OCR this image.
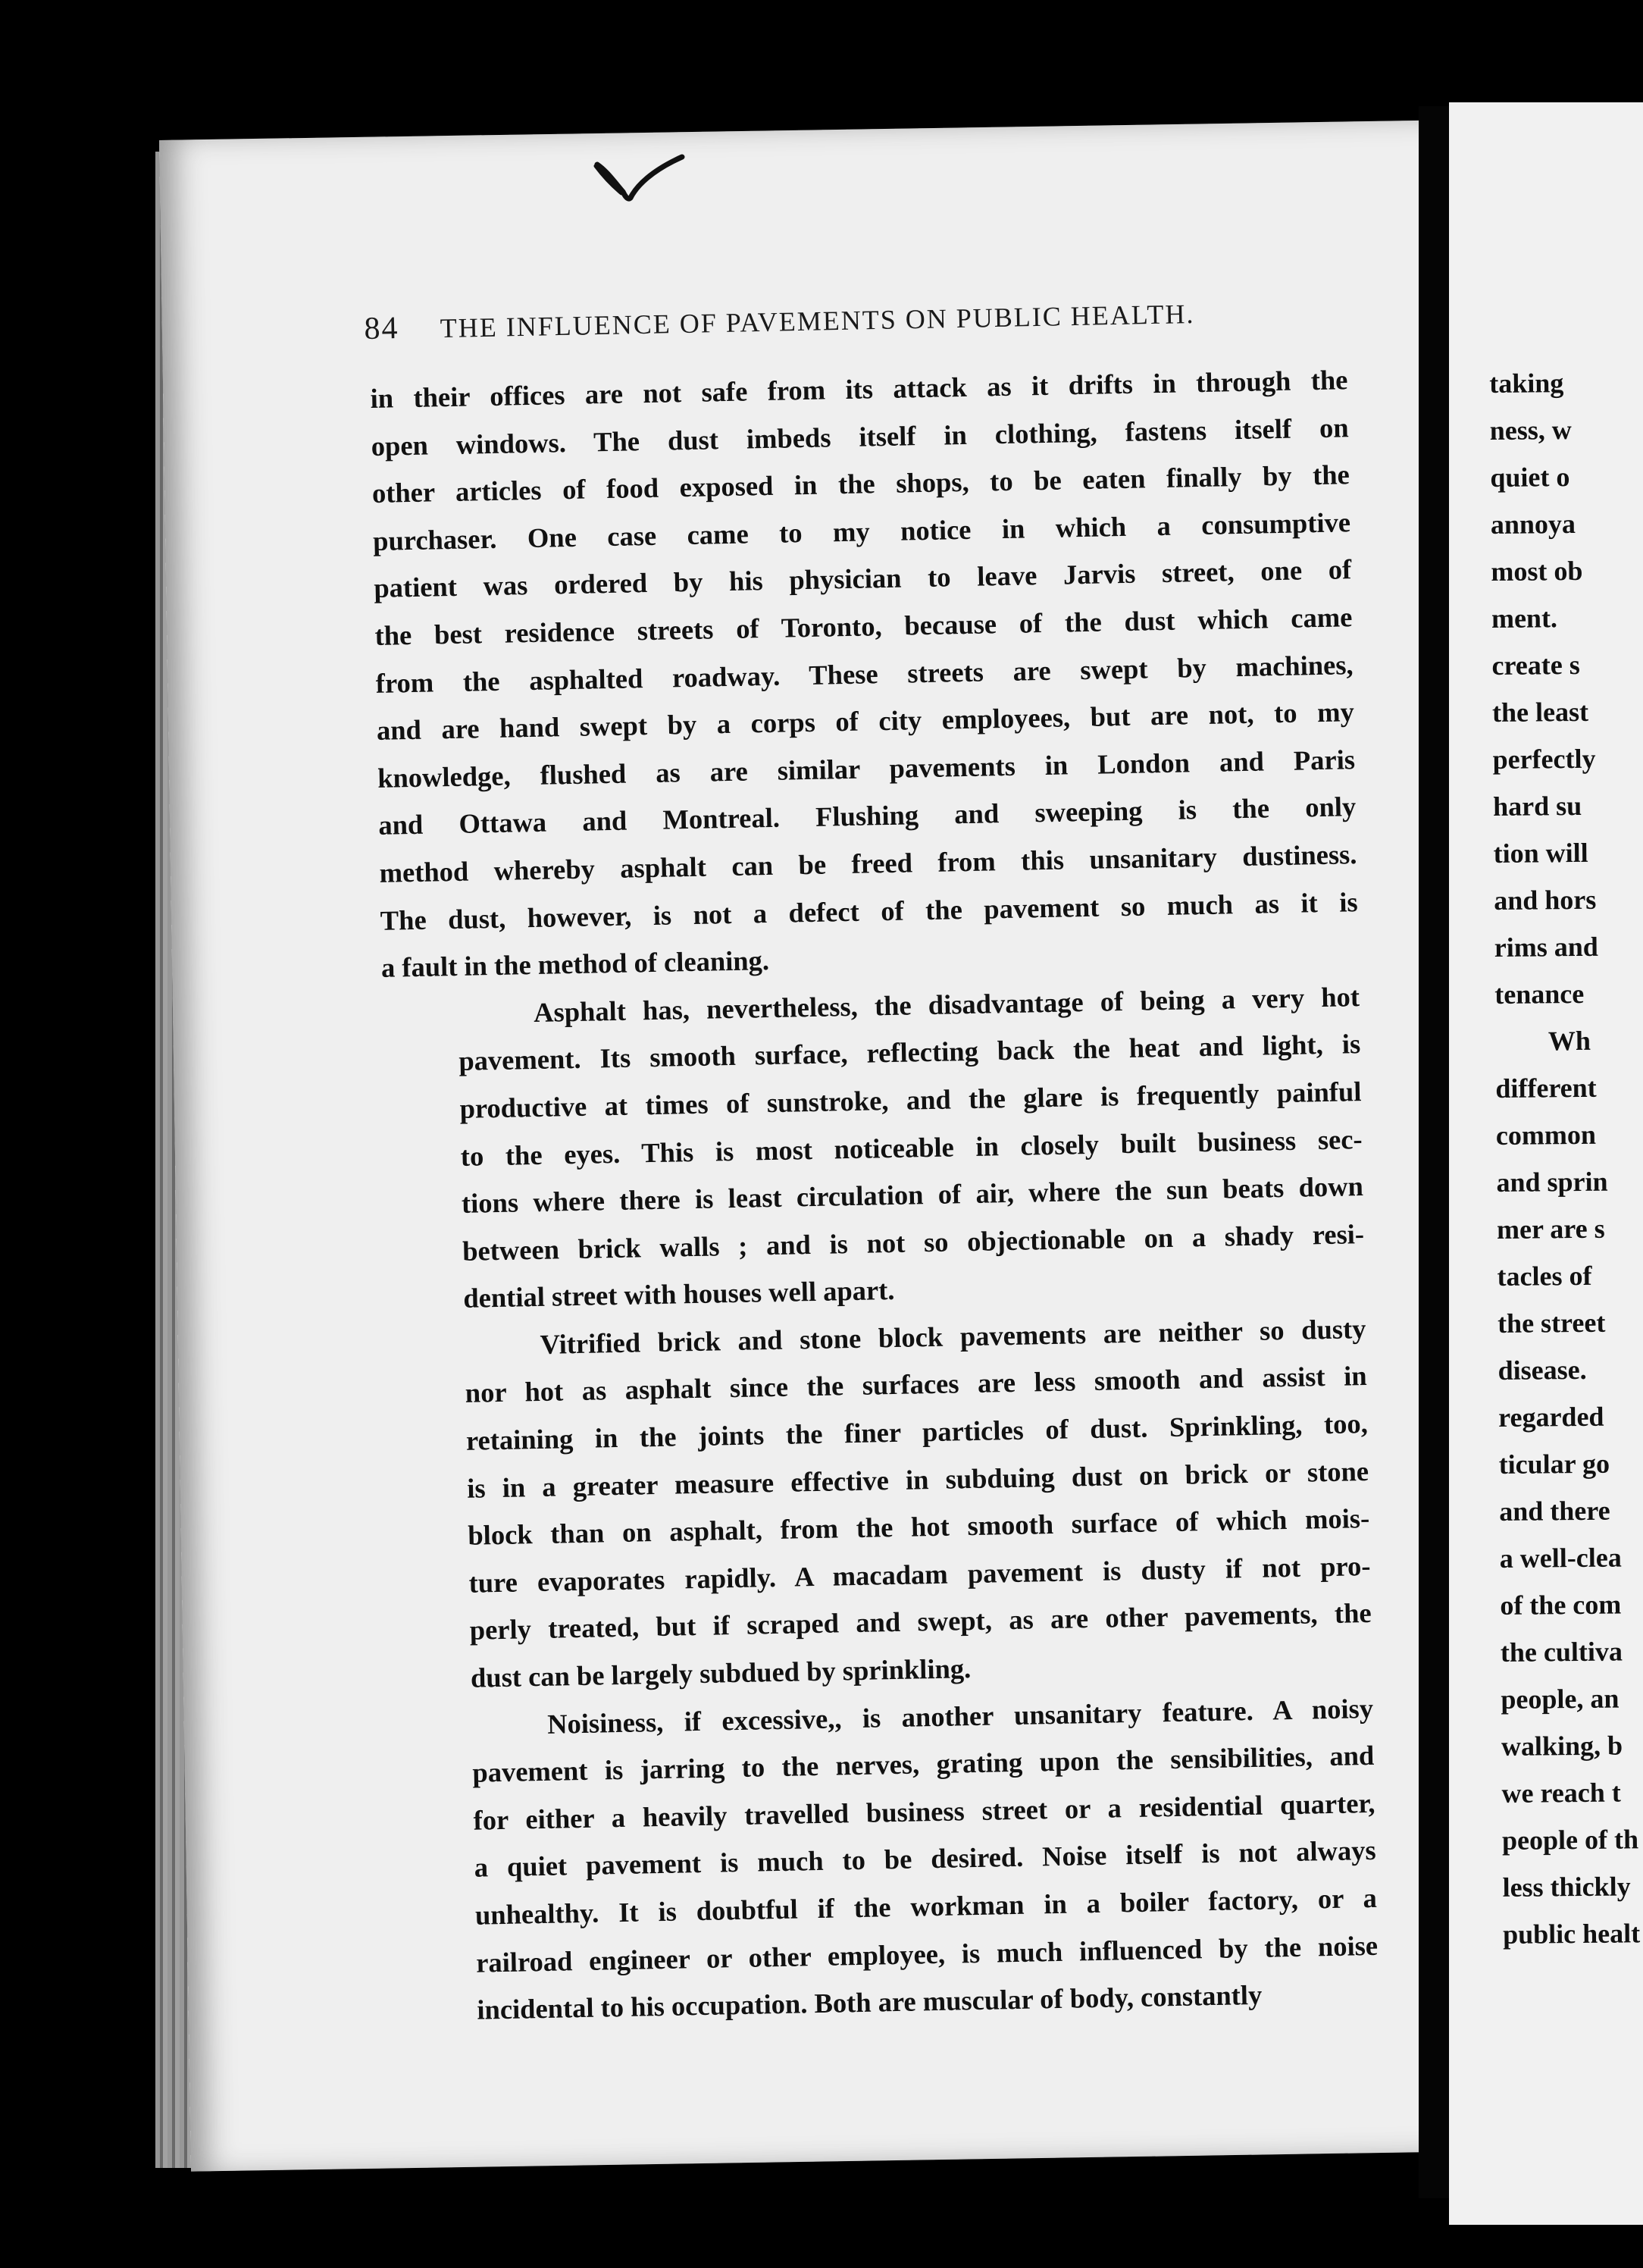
84 THE INFLUENCE OF PAVEMENTS ON PUBLIC HEALTH.

in their offices are not safe from its attack as it drifts in through the
open windows. The dust imbeds itself in clothing, fastens itself on
other articles of food exposed in the shops, to be eaten finally by the
purchaser. One case came to my notice in which a consumptive
patient was ordered by his physician to leave Jarvis street, one of
the best residence streets of Toronto, because of the dust which came
from the asphalted roadway. These streets are swept by machines,
and are hand swept by a corps of city employees, but are not, to my
knowledge, flushed as are similar pavements in London and Paris
and Ottawa and Montreal. Flushing and sweeping is the only
method whereby asphalt can be freed from this unsanitary dustiness.
The dust, however, is not a defect of the pavement so much as it is
a fault in the method of cleaning.

Asphalt has, nevertheless, the disadvantage of being a very hot
pavement. Its smooth surface, reflecting back the heat and light, is
productive at times of sunstroke, and the glare is frequently painful
to the eyes. This is most noticeable in closely built business sec-
tions where there is least circulation of air, where the sun beats down
between brick walls ; and is not so objectionable on a shady resi-
dential street with houses well apart.

Vitrified brick and stone block pavements are neither so dusty
nor hot as asphalt since the surfaces are less smooth and assist in
retaining in the joints the finer particles of dust. Sprinkling, too,
is in a greater measure effective in subduing dust on brick or stone
block than on asphalt, from the hot smooth surface of which mois-
ture evaporates rapidly. A macadam pavement is dusty if not pro-
perly treated, but if scraped and swept, as are other pavements, the
dust can be largely subdued by sprinkling.

Noisiness, if excessive,, is another unsanitary feature. A noisy
pavement is jarring to the nerves, grating upon the sensibilities, and
for either a heavily travelled business street or a residential quarter,
a quiet pavement is much to be desired. Noise itself is not always
unhealthy. It is doubtful if the workman in a boiler factory, or a
railroad engineer or other employee, is much influenced by the noise
incidental to his occupation. Both are muscular of body, constantly

taking
ness, w
quiet o
annoya
most ob
ment.
create s
the least
perfectly
hard su
tion will
and hors
rims and
tenance
Wh
different
common
and sprin
mer are s
tacles of
the street
disease.
regarded
ticular go
and there
a well-clea
of the com
the cultiva
people, an
walking, b
we reach t
people of th
less thickly
public healt
